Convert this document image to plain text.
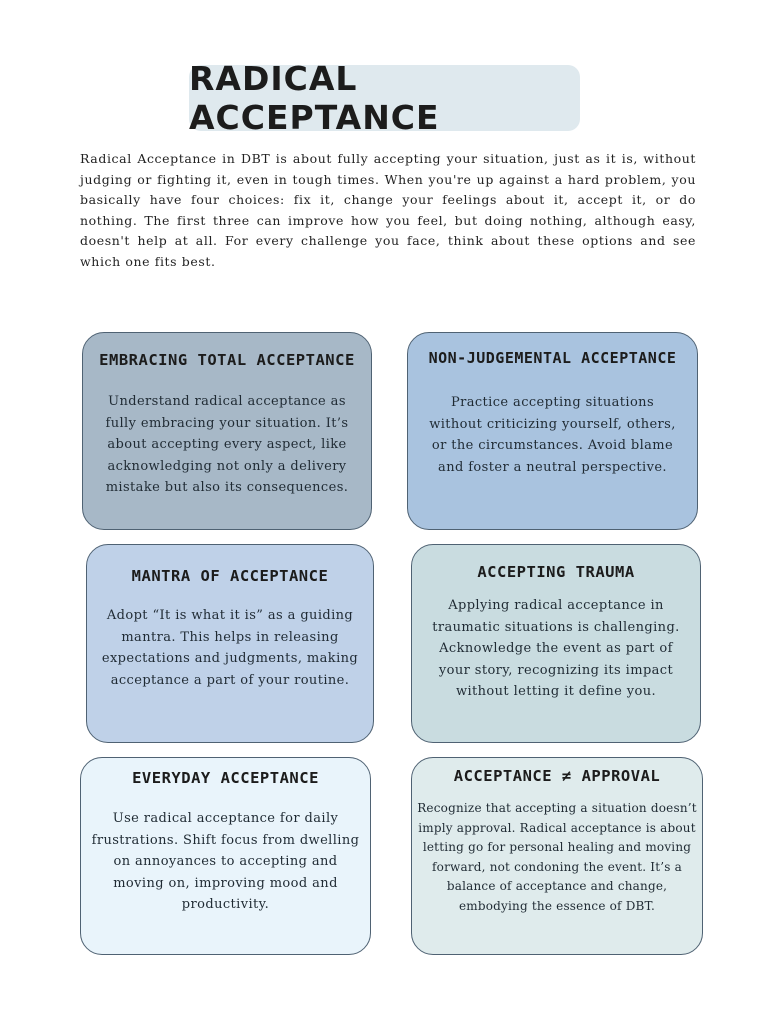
RADICAL ACCEPTANCE

Radical Acceptance in DBT is about fully accepting your situation, just as it is, without judging or fighting it, even in tough times. When you're up against a hard problem, you basically have four choices: fix it, change your feelings about it, accept it, or do nothing. The first three can improve how you feel, but doing nothing, although easy, doesn't help at all. For every challenge you face, think about these options and see which one fits best.

EMBRACING TOTAL ACCEPTANCE

Understand radical acceptance as fully embracing your situation. It’s about accepting every aspect, like acknowledging not only a delivery mistake but also its consequences.

NON-JUDGEMENTAL ACCEPTANCE

Practice accepting situations without criticizing yourself, others, or the circumstances. Avoid blame and foster a neutral perspective.

MANTRA OF ACCEPTANCE

Adopt “It is what it is” as a guiding mantra. This helps in releasing expectations and judgments, making acceptance a part of your routine.

ACCEPTING TRAUMA

Applying radical acceptance in traumatic situations is challenging. Acknowledge the event as part of your story, recognizing its impact without letting it define you.

EVERYDAY ACCEPTANCE

Use radical acceptance for daily frustrations. Shift focus from dwelling on annoyances to accepting and moving on, improving mood and productivity.

ACCEPTANCE ≠ APPROVAL

Recognize that accepting a situation doesn’t imply approval. Radical acceptance is about letting go for personal healing and moving forward, not condoning the event. It’s a balance of acceptance and change, embodying the essence of DBT.
